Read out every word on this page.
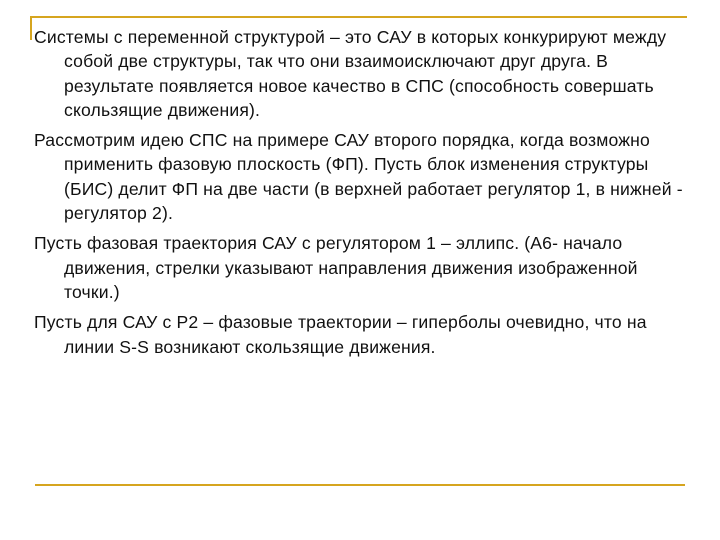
Системы с переменной структурой – это САУ в которых конкурируют между собой две структуры, так что они взаимоисключают друг друга. В результате появляется новое качество в СПС (способность совершать скользящие движения).

Рассмотрим идею СПС на примере САУ второго порядка, когда возможно применить фазовую плоскость (ФП). Пусть блок изменения структуры (БИС) делит ФП на две части (в верхней работает регулятор 1, в нижней - регулятор 2).

Пусть фазовая траектория САУ с регулятором 1 – эллипс. (А6- начало движения, стрелки указывают направления движения изображенной точки.)

Пусть для САУ с Р2 – фазовые траектории – гиперболы очевидно, что на линии S-S возникают скользящие движения.
